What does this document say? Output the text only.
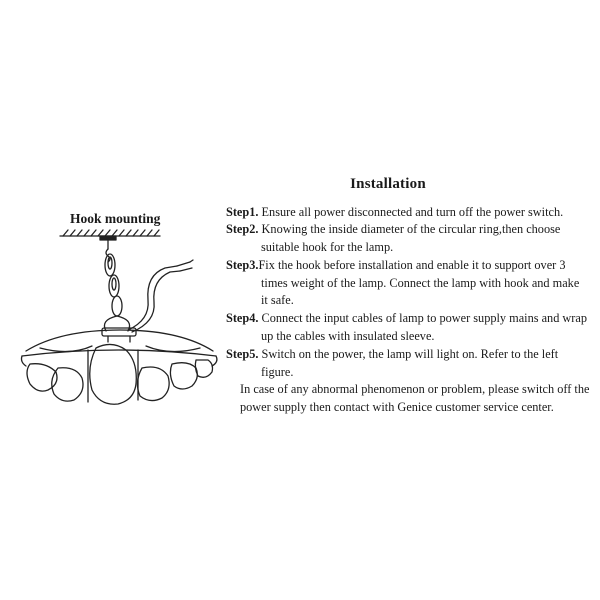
Hook mounting
Installation
Step1. Ensure all power disconnected and turn off the power switch.
Step2. Knowing the inside diameter of the circular ring,then choose
suitable hook for the lamp.
Step3.Fix the hook before installation and enable it to support over 3
times weight of the lamp. Connect the lamp with hook and make
it safe.
Step4. Connect the input cables of lamp to power supply mains and wrap
up the cables with insulated sleeve.
Step5. Switch on the power, the lamp will light on. Refer to the left
figure.
In case of any abnormal phenomenon or problem, please switch off the
power supply then contact with Genice customer service center.
